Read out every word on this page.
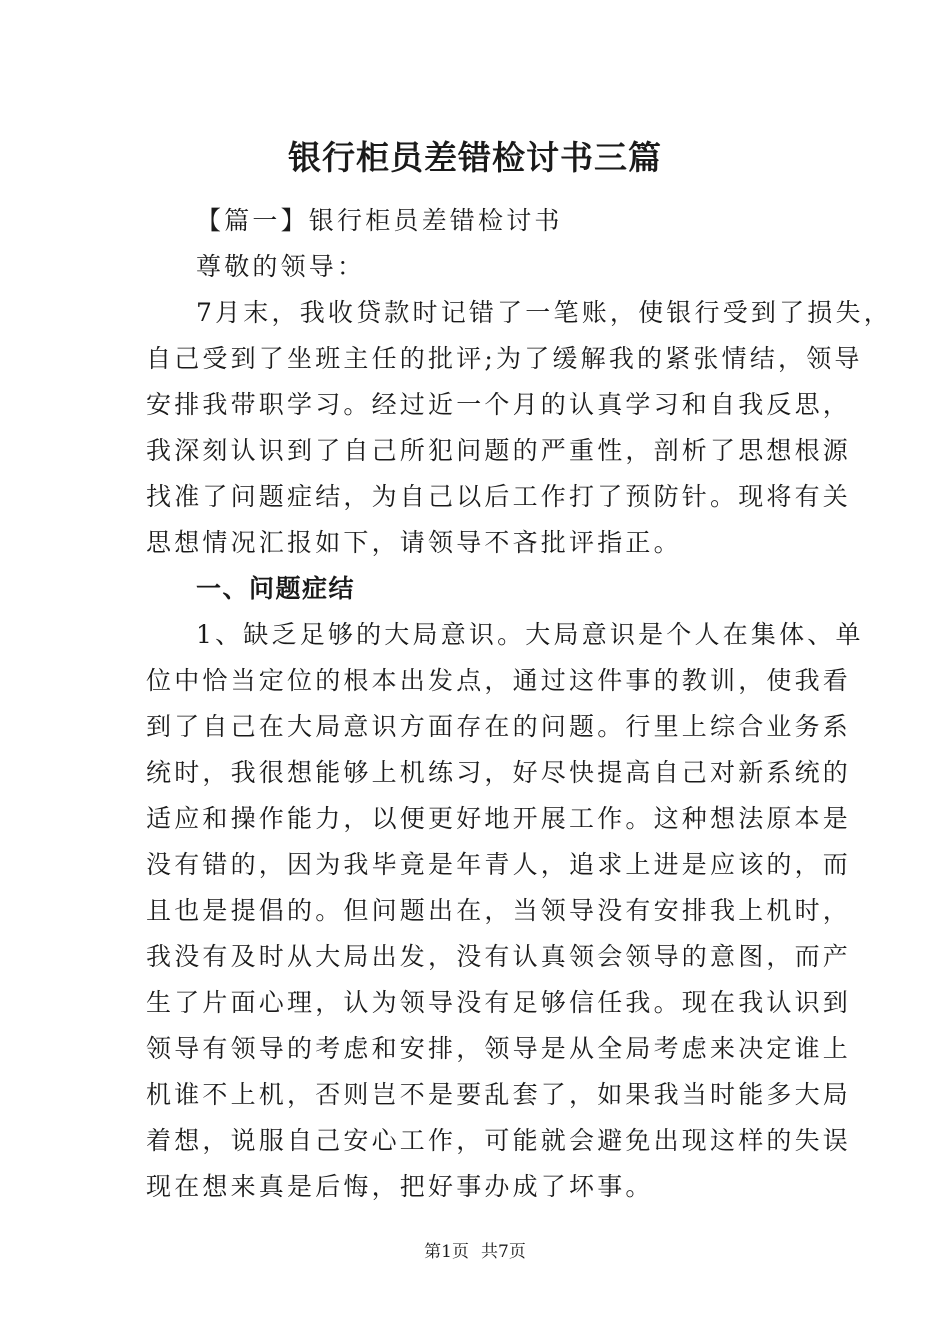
银行柜员差错检讨书三篇
【篇一】银行柜员差错检讨书
尊敬的领导：
7月末，我收贷款时记错了一笔账，使银行受到了损失，
自己受到了坐班主任的批评;为了缓解我的紧张情结，领导
安排我带职学习。经过近一个月的认真学习和自我反思，
我深刻认识到了自己所犯问题的严重性，剖析了思想根源
找准了问题症结，为自己以后工作打了预防针。现将有关
思想情况汇报如下，请领导不吝批评指正。
一、问题症结
1、缺乏足够的大局意识。大局意识是个人在集体、单
位中恰当定位的根本出发点，通过这件事的教训，使我看
到了自己在大局意识方面存在的问题。行里上综合业务系
统时，我很想能够上机练习，好尽快提高自己对新系统的
适应和操作能力，以便更好地开展工作。这种想法原本是
没有错的，因为我毕竟是年青人，追求上进是应该的，而
且也是提倡的。但问题出在，当领导没有安排我上机时，
我没有及时从大局出发，没有认真领会领导的意图，而产
生了片面心理，认为领导没有足够信任我。现在我认识到
领导有领导的考虑和安排，领导是从全局考虑来决定谁上
机谁不上机，否则岂不是要乱套了，如果我当时能多大局
着想，说服自己安心工作，可能就会避免出现这样的失误
现在想来真是后悔，把好事办成了坏事。
第1页 共7页
